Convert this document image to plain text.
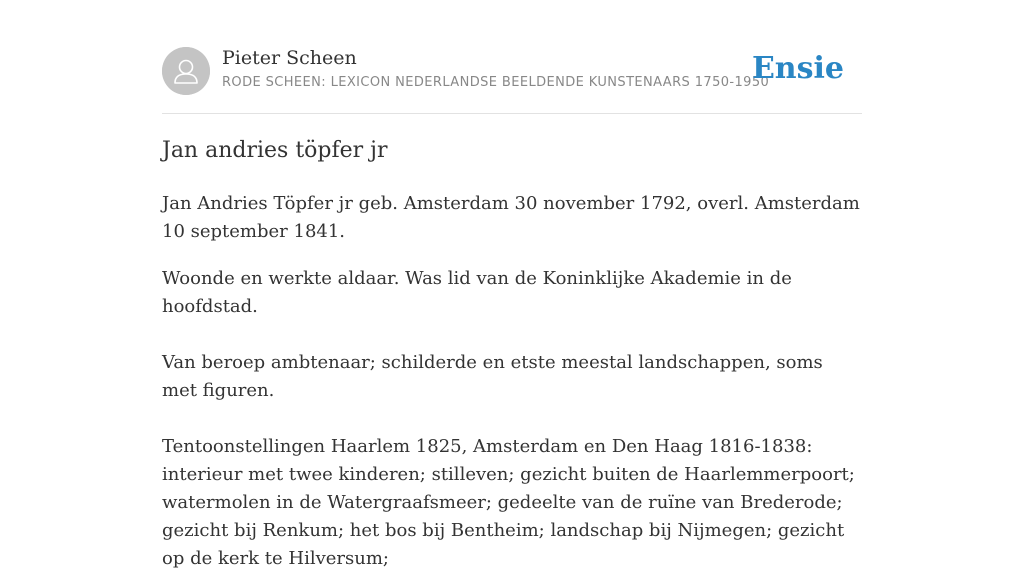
Pieter Scheen
RODE SCHEEN: LEXICON NEDERLANDSE BEELDENDE KUNSTENAARS 1750-1950
Ensie
Jan andries töpfer jr

Jan Andries Töpfer jr geb. Amsterdam 30 november 1792, overl. Amsterdam 10 september 1841.

Woonde en werkte aldaar. Was lid van de Koninklijke Akademie in de hoofdstad.

Van beroep ambtenaar; schilderde en etste meestal landschappen, soms met figuren.

Tentoonstellingen Haarlem 1825, Amsterdam en Den Haag 1816-1838: interieur met twee kinderen; stilleven; gezicht buiten de Haarlemmerpoort; watermolen in de Watergraafsmeer; gedeelte van de ruïne van Brederode; gezicht bij Renkum; het bos bij Bentheim; landschap bij Nijmegen; gezicht op de kerk te Hilversum;
